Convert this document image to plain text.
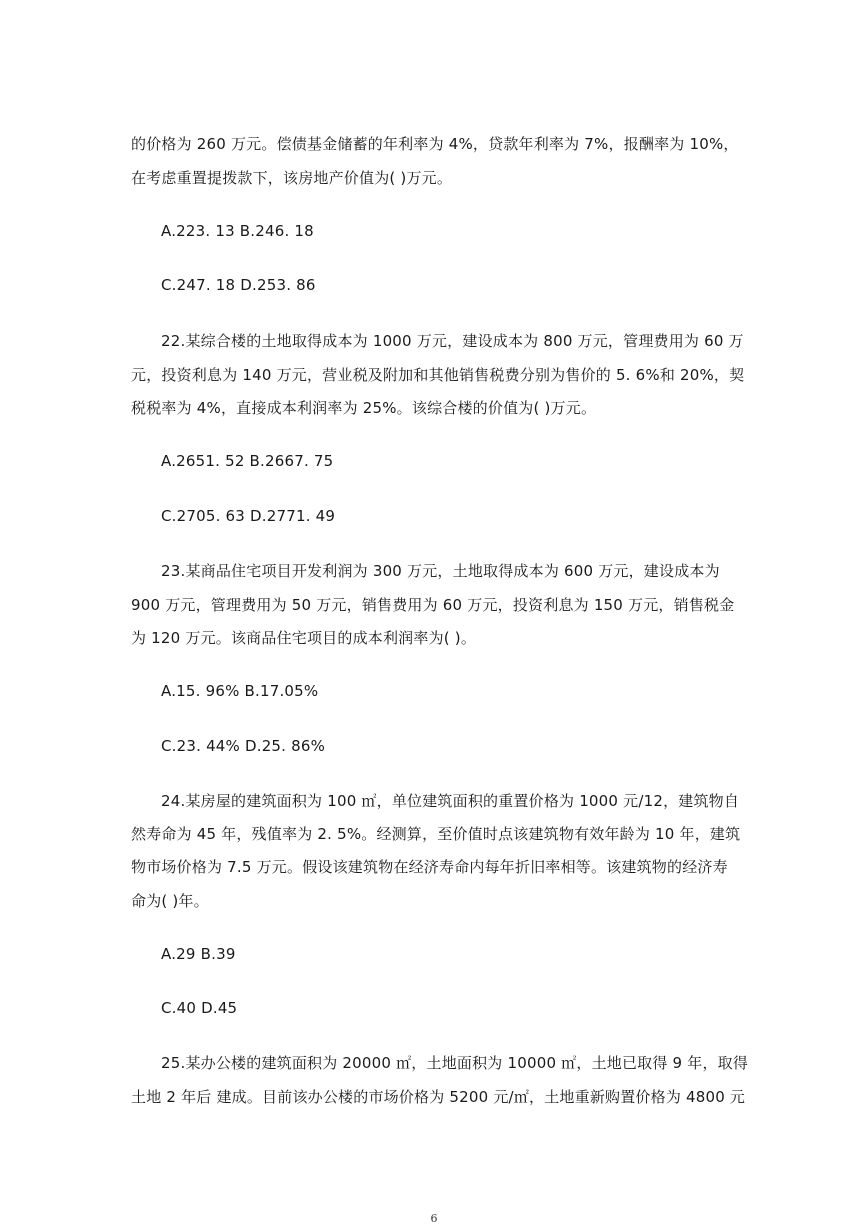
的价格为 260 万元。偿债基金储蓄的年利率为 4%，贷款年利率为 7%，报酬率为 10%，
在考虑重置提拨款下，该房地产价值为( )万元。
A.223. 13 B.246. 18
C.247. 18 D.253. 86
22.某综合楼的土地取得成本为 1000 万元，建设成本为 800 万元，管理费用为 60 万
元，投资利息为 140 万元，营业税及附加和其他销售税费分别为售价的 5. 6%和 20%，契
税税率为 4%，直接成本利润率为 25%。该综合楼的价值为( )万元。
A.2651. 52 B.2667. 75
C.2705. 63 D.2771. 49
23.某商品住宅项目开发利润为 300 万元，土地取得成本为 600 万元，建设成本为
900 万元，管理费用为 50 万元，销售费用为 60 万元，投资利息为 150 万元，销售税金
为 120 万元。该商品住宅项目的成本利润率为( )。
A.15. 96% B.17.05%
C.23. 44% D.25. 86%
24.某房屋的建筑面积为 100 ㎡，单位建筑面积的重置价格为 1000 元/12，建筑物自
然寿命为 45 年，残值率为 2. 5%。经测算，至价值时点该建筑物有效年龄为 10 年，建筑
物市场价格为 7.5 万元。假设该建筑物在经济寿命内每年折旧率相等。该建筑物的经济寿
命为( )年。
A.29 B.39
C.40 D.45
25.某办公楼的建筑面积为 20000 ㎡，土地面积为 10000 ㎡，土地已取得 9 年，取得
土地 2 年后 建成。目前该办公楼的市场价格为 5200 元/㎡，土地重新购置价格为 4800 元
6
